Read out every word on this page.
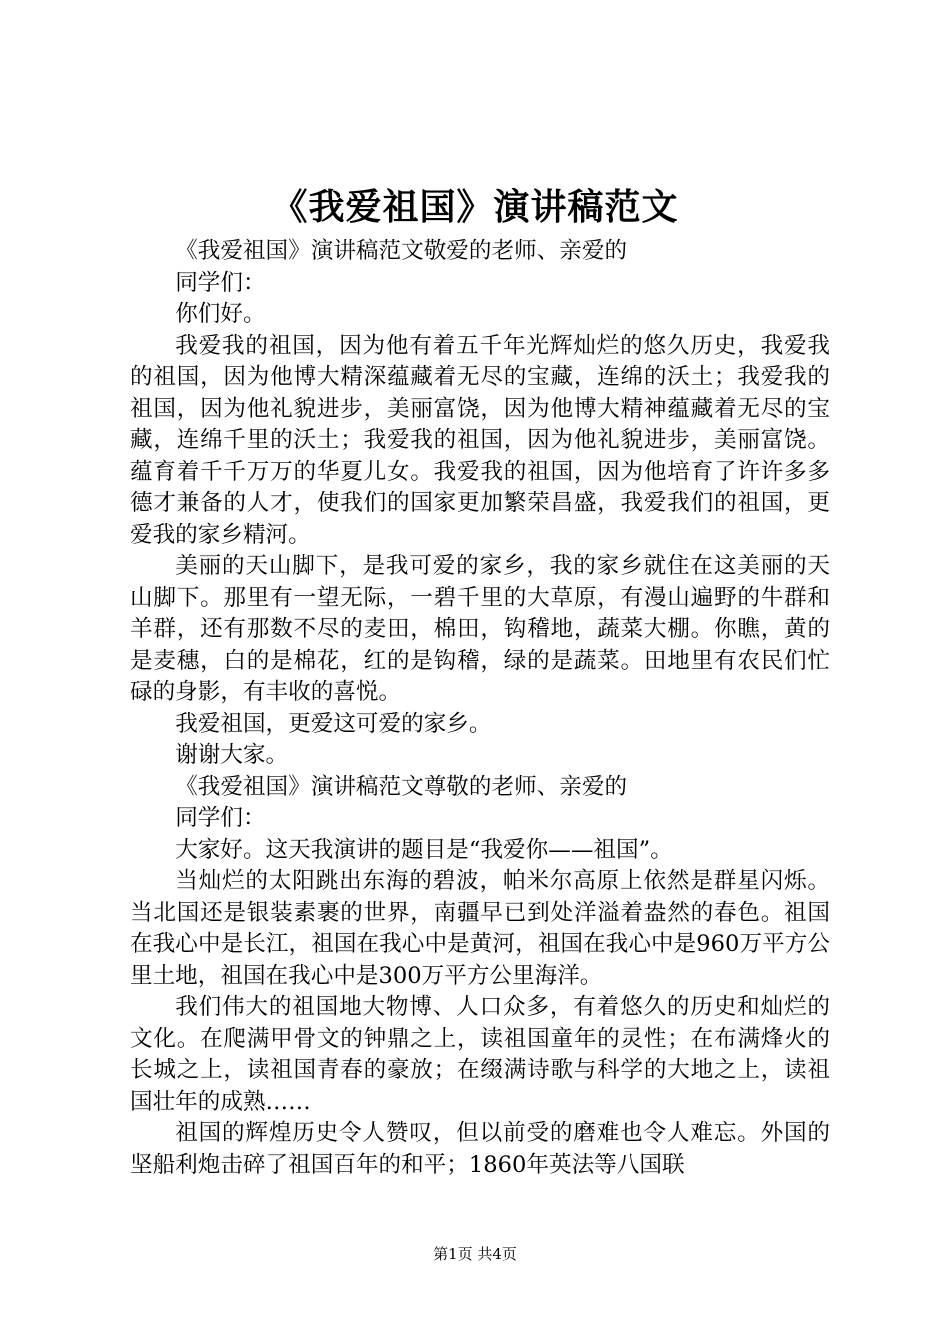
《我爱祖国》演讲稿范文

《我爱祖国》演讲稿范文敬爱的老师、亲爱的

同学们：

你们好。

我爱我的祖国，因为他有着五千年光辉灿烂的悠久历史，我爱我的祖国，因为他博大精深蕴藏着无尽的宝藏，连绵的沃土；我爱我的祖国，因为他礼貌进步，美丽富饶，因为他博大精神蕴藏着无尽的宝藏，连绵千里的沃土；我爱我的祖国，因为他礼貌进步，美丽富饶。蕴育着千千万万的华夏儿女。我爱我的祖国，因为他培育了许许多多德才兼备的人才，使我们的国家更加繁荣昌盛，我爱我们的祖国，更爱我的家乡精河。

美丽的天山脚下，是我可爱的家乡，我的家乡就住在这美丽的天山脚下。那里有一望无际，一碧千里的大草原，有漫山遍野的牛群和羊群，还有那数不尽的麦田，棉田，钩稽地，蔬菜大棚。你瞧，黄的是麦穗，白的是棉花，红的是钩稽，绿的是蔬菜。田地里有农民们忙碌的身影，有丰收的喜悦。

我爱祖国，更爱这可爱的家乡。

谢谢大家。

《我爱祖国》演讲稿范文尊敬的老师、亲爱的

同学们：

大家好。这天我演讲的题目是“我爱你——祖国”。

当灿烂的太阳跳出东海的碧波，帕米尔高原上依然是群星闪烁。当北国还是银装素裹的世界，南疆早已到处洋溢着盎然的春色。祖国在我心中是长江，祖国在我心中是黄河，祖国在我心中是960万平方公里土地，祖国在我心中是300万平方公里海洋。

我们伟大的祖国地大物博、人口众多，有着悠久的历史和灿烂的文化。在爬满甲骨文的钟鼎之上，读祖国童年的灵性；在布满烽火的长城之上，读祖国青春的豪放；在缀满诗歌与科学的大地之上，读祖国壮年的成熟……

祖国的辉煌历史令人赞叹，但以前受的磨难也令人难忘。外国的坚船利炮击碎了祖国百年的和平；1860年英法等八国联

第1页 共4页
